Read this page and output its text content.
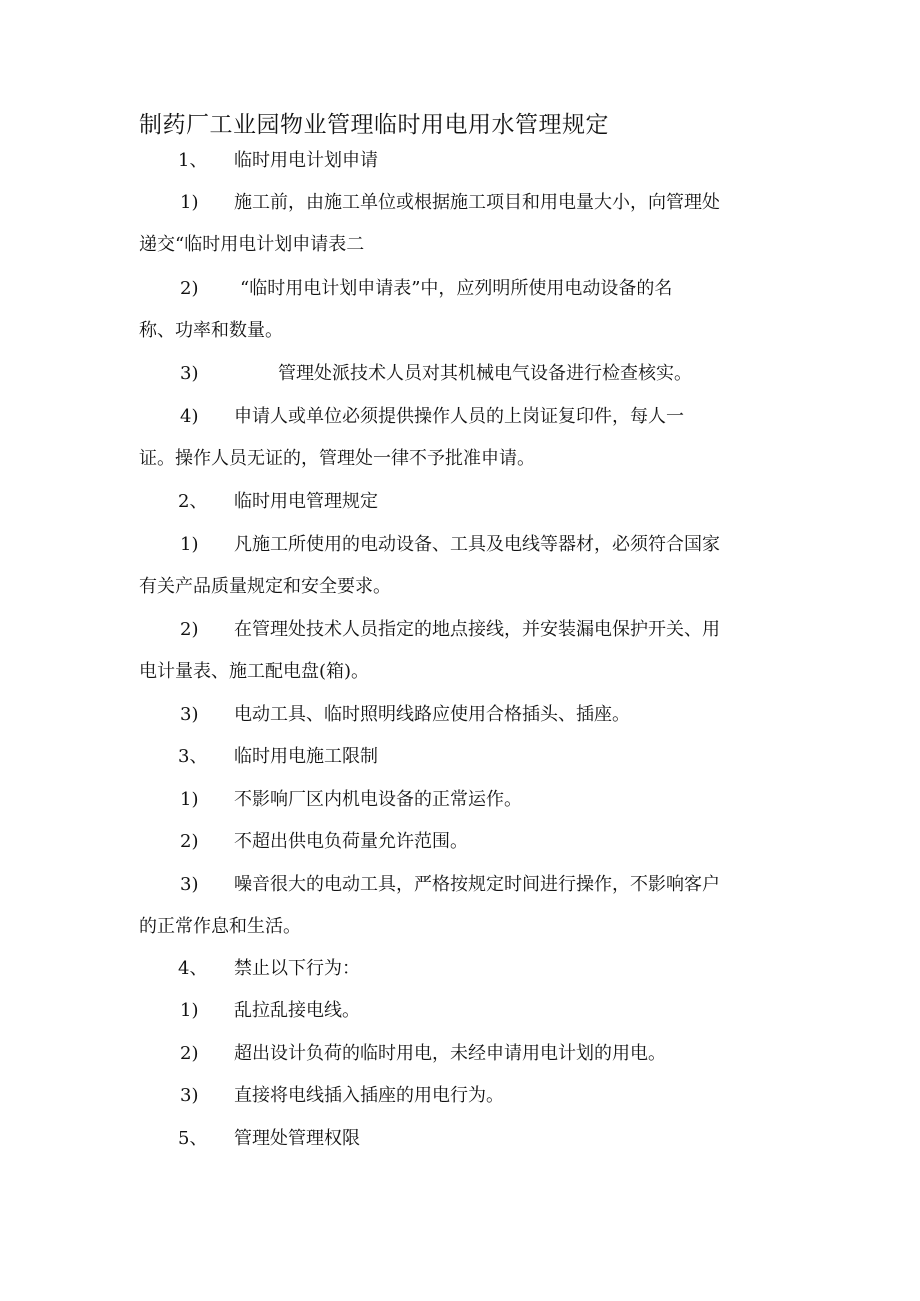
制药厂工业园物业管理临时用电用水管理规定
1、 临时用电计划申请
1) 施工前，由施工单位或根据施工项目和用电量大小，向管理处
递交“临时用电计划申请表二
2) “临时用电计划申请表”中，应列明所使用电动设备的名
称、功率和数量。
3)	管理处派技术人员对其机械电气设备进行检查核实。
4) 申请人或单位必须提供操作人员的上岗证复印件，每人一
证。操作人员无证的，管理处一律不予批准申请。
2、 临时用电管理规定
1) 凡施工所使用的电动设备、工具及电线等器材，必须符合国家
有关产品质量规定和安全要求。
2) 在管理处技术人员指定的地点接线，并安装漏电保护开关、用
电计量表、施工配电盘(箱)。
3) 电动工具、临时照明线路应使用合格插头、插座。
3、 临时用电施工限制
1) 不影响厂区内机电设备的正常运作。
2) 不超出供电负荷量允许范围。
3) 噪音很大的电动工具，严格按规定时间进行操作，不影响客户
的正常作息和生活。
4、 禁止以下行为：
1) 乱拉乱接电线。
2) 超出设计负荷的临时用电，未经申请用电计划的用电。
3) 直接将电线插入插座的用电行为。
5、 管理处管理权限
